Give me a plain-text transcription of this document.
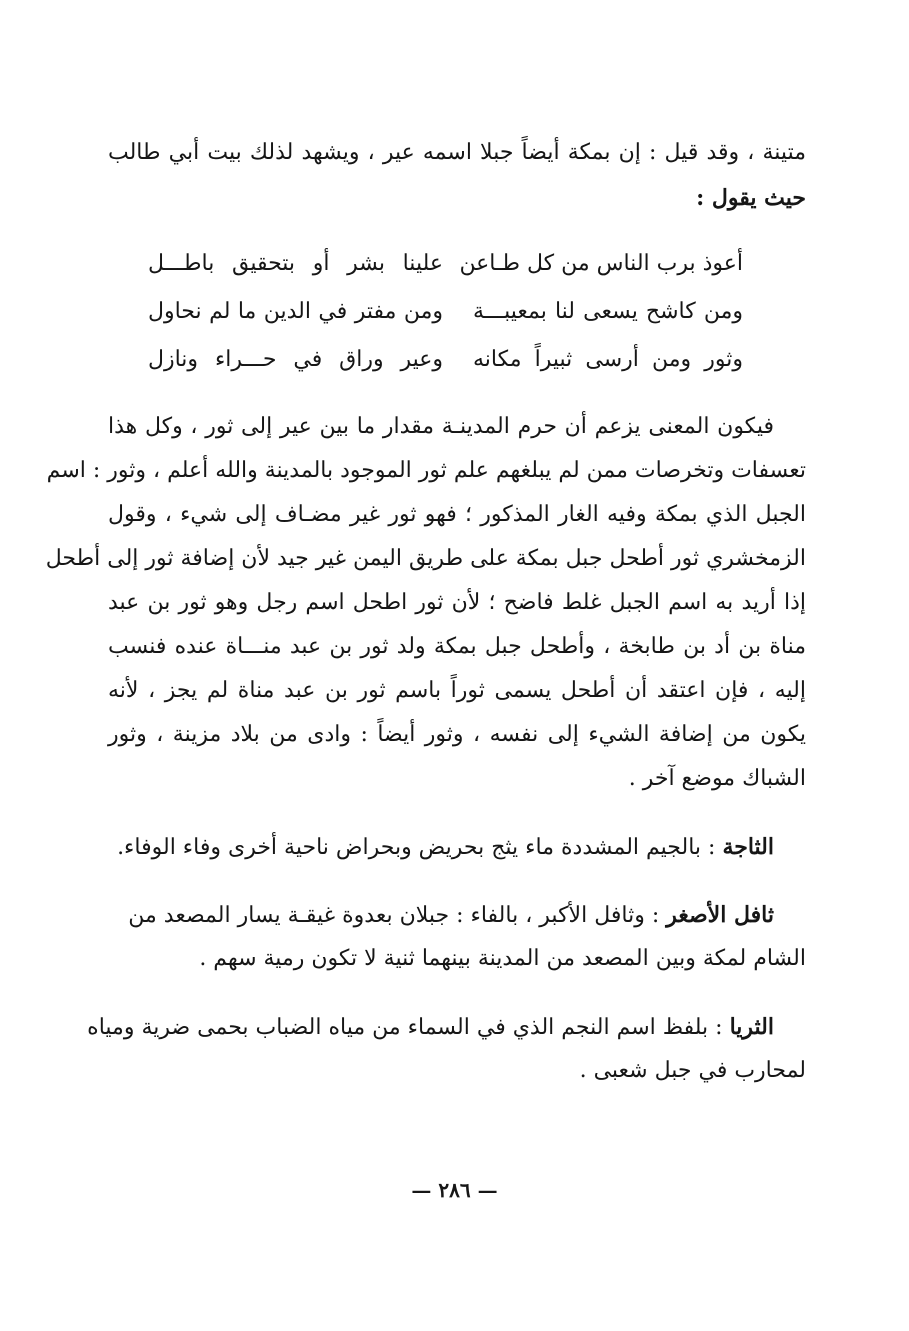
متينة ، وقد قيل : إن بمكة أيضاً جبلا اسمه عير ، ويشهد لذلك بيت أبي طالب
حيث يقول :
أعوذ برب الناس من كل طـاعن
علينا بشر أو بتحقيق باطـــل
ومن كاشح يسعى لنا بمعيبـــة
ومن مفتر في الدين ما لم نحاول
وثور ومن أرسى ثبيراً مكانه
وعير وراق في حـــراء ونازل
فيكون المعنى يزعم أن حرم المدينـة مقدار ما بين عير إلى ثور ، وكل هذا
تعسفات وتخرصات ممن لم يبلغهم علم ثور الموجود بالمدينة والله أعلم ، وثور : اسم
الجبل الذي بمكة وفيه الغار المذكور ؛ فهو ثور غير مضـاف إلى شيء ، وقول
الزمخشري ثور أطحل جبل بمكة على طريق اليمن غير جيد لأن إضافة ثور إلى أطحل
إذا أريد به اسم الجبل غلط فاضح ؛ لأن ثور اطحل اسم رجل وهو ثور بن عبد
مناة بن أد بن طابخة ، وأطحل جبل بمكة ولد ثور بن عبد منـــاة عنده فنسب
إليه ، فإن اعتقد أن أطحل يسمى ثوراً باسم ثور بن عبد مناة لم يجز ، لأنه
يكون من إضافة الشيء إلى نفسه ، وثور أيضاً : وادى من بلاد مزينة ، وثور
الشباك موضع آخر .
الثاجة : بالجيم المشددة ماء يثج بحريض وبحراض ناحية أخرى وفاء الوفاء.
ثافل الأصغر : وثافل الأكبر ، بالفاء : جبلان بعدوة غيقـة يسار المصعد من
الشام لمكة وبين المصعد من المدينة بينهما ثنية لا تكون رمية سهم .
الثريا : بلفظ اسم النجم الذي في السماء من مياه الضباب بحمى ضرية ومياه
لمحارب في جبل شعبى .
— ٢٨٦ —
